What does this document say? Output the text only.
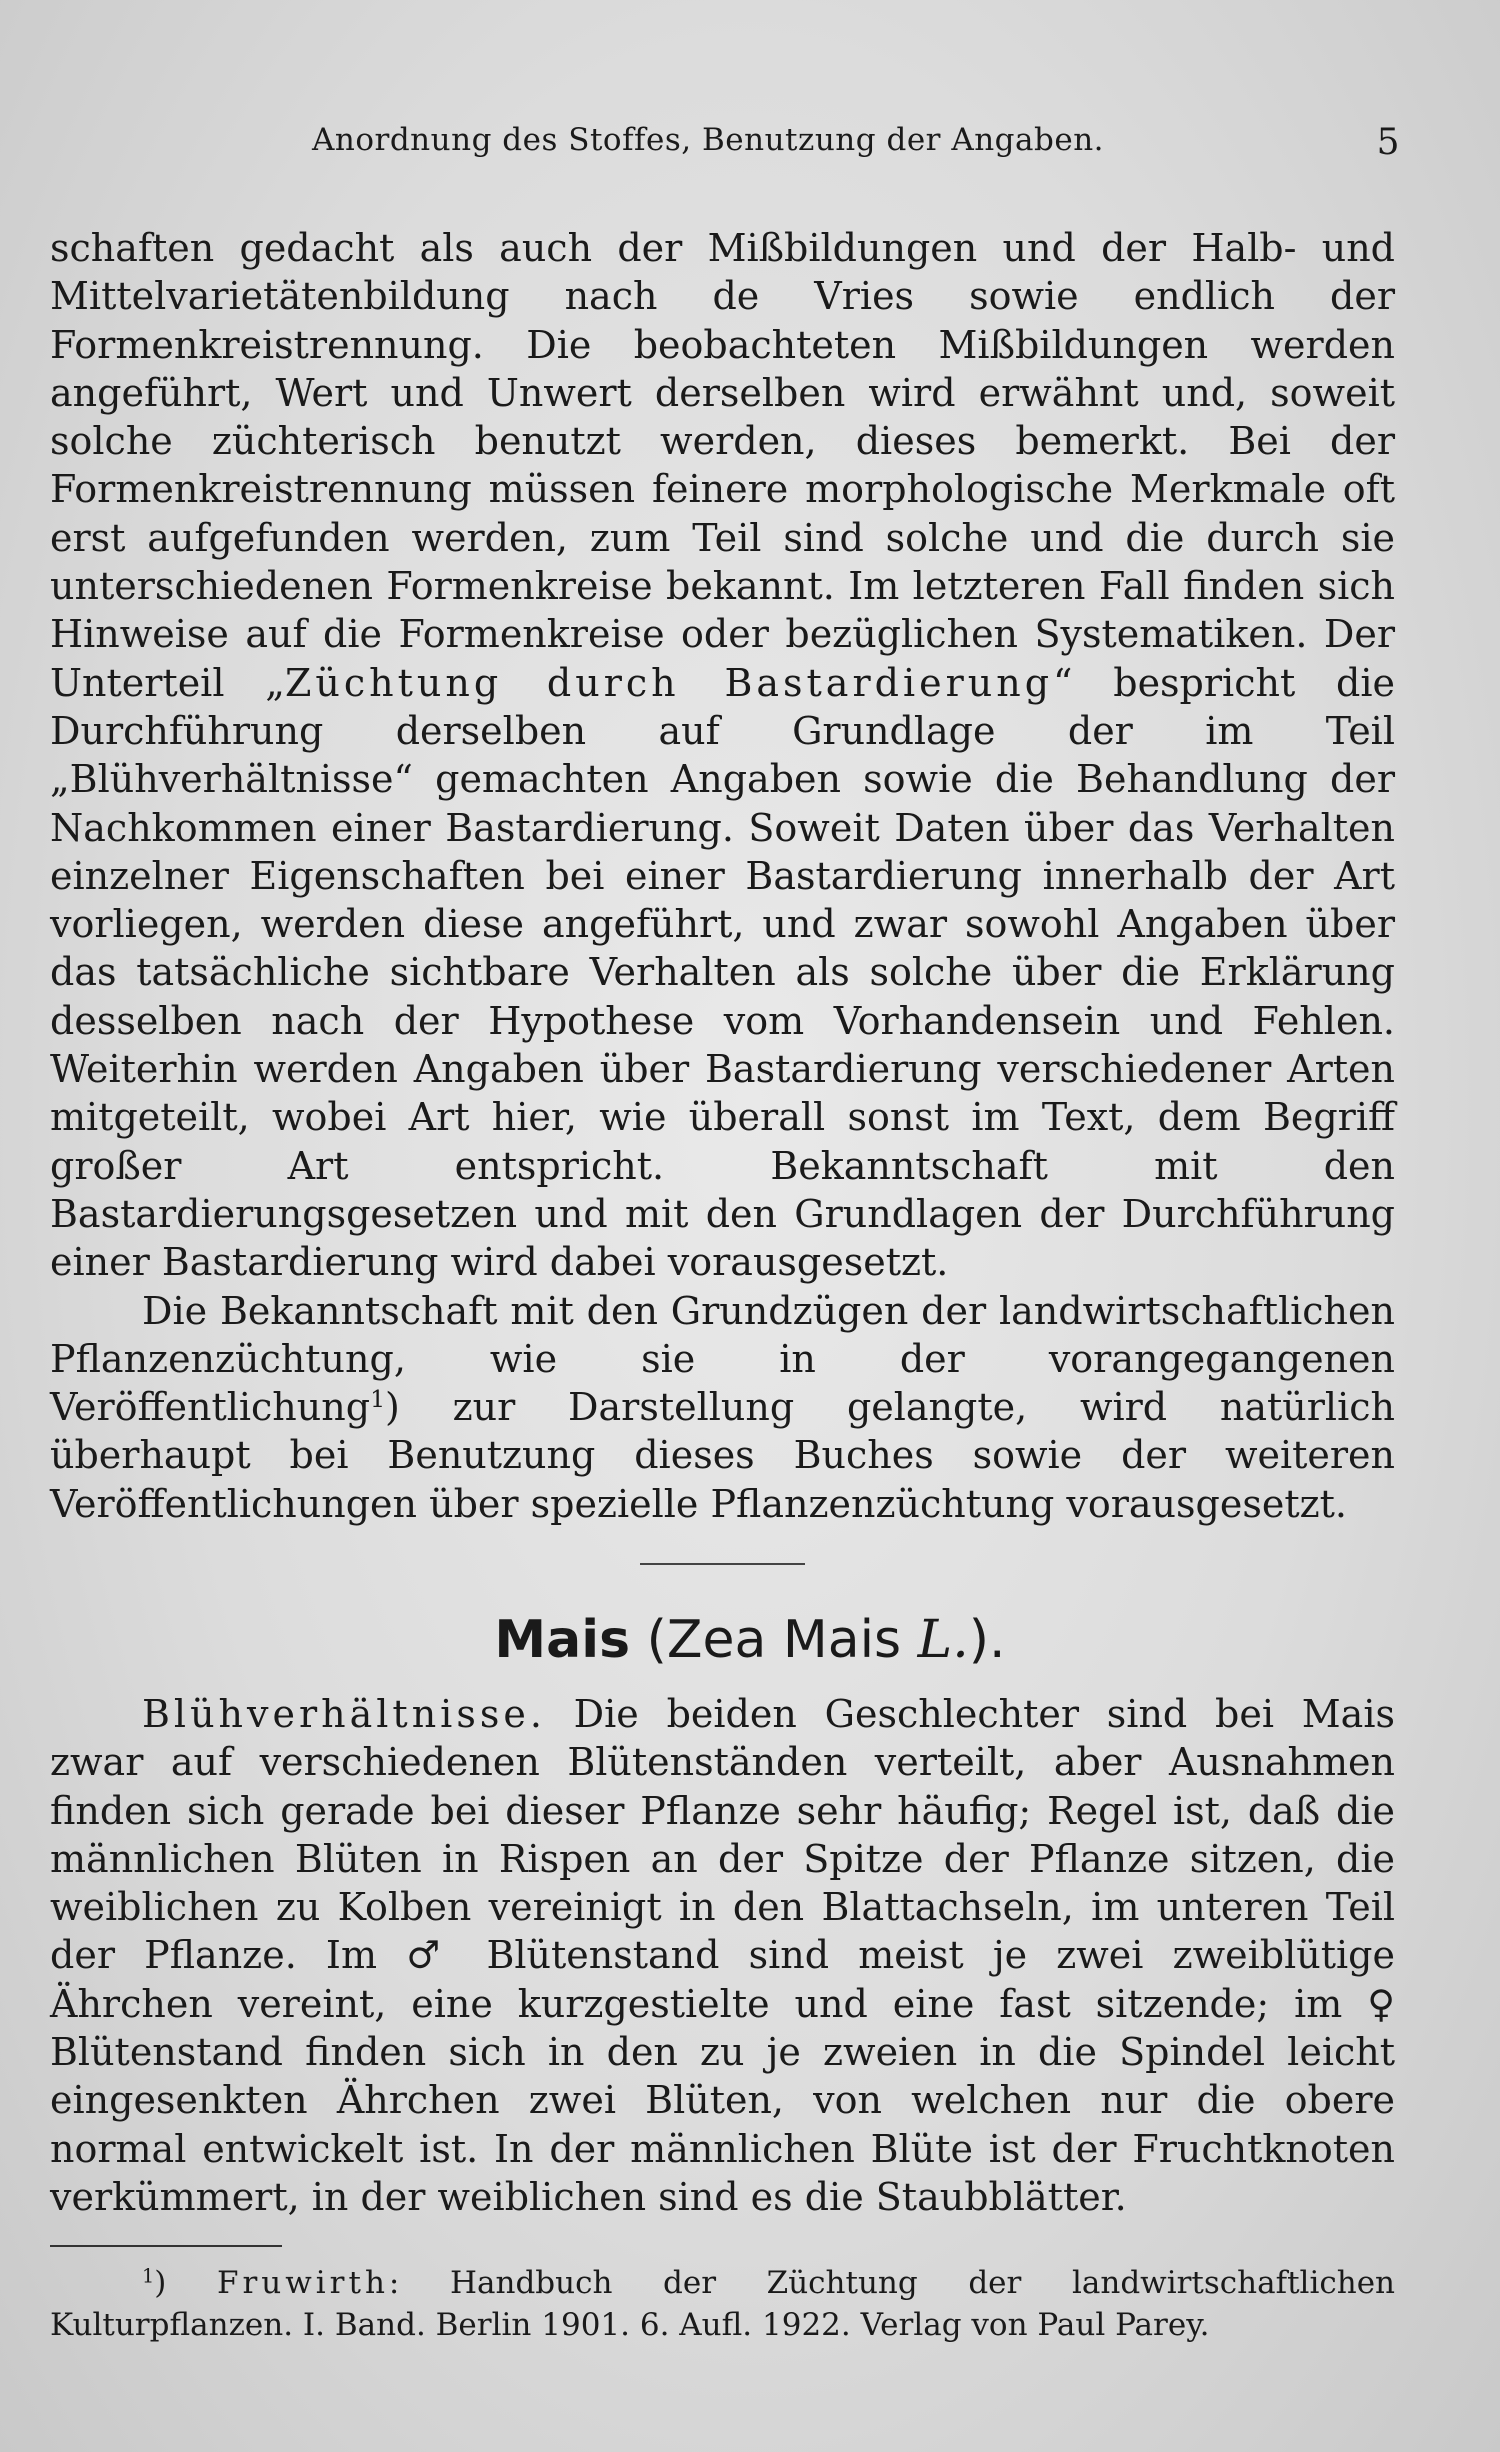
Anordnung des Stoffes, Benutzung der Angaben.	5

schaften gedacht als auch der Mißbildungen und der Halb- und Mittelvarietätenbildung nach de Vries sowie endlich der Formenkreistrennung. Die beobachteten Mißbildungen werden angeführt, Wert und Unwert derselben wird erwähnt und, soweit solche züchterisch benutzt werden, dieses bemerkt. Bei der Formenkreistrennung müssen feinere morphologische Merkmale oft erst aufgefunden werden, zum Teil sind solche und die durch sie unterschiedenen Formenkreise bekannt. Im letzteren Fall finden sich Hinweise auf die Formenkreise oder bezüglichen Systematiken. Der Unterteil „Züchtung durch Bastardierung“ bespricht die Durchführung derselben auf Grundlage der im Teil „Blühverhältnisse“ gemachten Angaben sowie die Behandlung der Nachkommen einer Bastardierung. Soweit Daten über das Verhalten einzelner Eigenschaften bei einer Bastardierung innerhalb der Art vorliegen, werden diese angeführt, und zwar sowohl Angaben über das tatsächliche sichtbare Verhalten als solche über die Erklärung desselben nach der Hypothese vom Vorhandensein und Fehlen. Weiterhin werden Angaben über Bastardierung verschiedener Arten mitgeteilt, wobei Art hier, wie überall sonst im Text, dem Begriff großer Art entspricht. Bekanntschaft mit den Bastardierungsgesetzen und mit den Grundlagen der Durchführung einer Bastardierung wird dabei vorausgesetzt.

Die Bekanntschaft mit den Grundzügen der landwirtschaftlichen Pflanzenzüchtung, wie sie in der vorangegangenen Veröffentlichung$^1$) zur Darstellung gelangte, wird natürlich überhaupt bei Benutzung dieses Buches sowie der weiteren Veröffentlichungen über spezielle Pflanzenzüchtung vorausgesetzt.

Mais (Zea Mais L.).

Blühverhältnisse. Die beiden Geschlechter sind bei Mais zwar auf verschiedenen Blütenständen verteilt, aber Ausnahmen finden sich gerade bei dieser Pflanze sehr häufig; Regel ist, daß die männlichen Blüten in Rispen an der Spitze der Pflanze sitzen, die weiblichen zu Kolben vereinigt in den Blattachseln, im unteren Teil der Pflanze. Im ♂ Blütenstand sind meist je zwei zweiblütige Ährchen vereint, eine kurzgestielte und eine fast sitzende; im ♀ Blütenstand finden sich in den zu je zweien in die Spindel leicht eingesenkten Ährchen zwei Blüten, von welchen nur die obere normal entwickelt ist. In der männlichen Blüte ist der Fruchtknoten verkümmert, in der weiblichen sind es die Staubblätter.

$^1$) Fruwirth: Handbuch der Züchtung der landwirtschaftlichen Kulturpflanzen. I. Band. Berlin 1901. 6. Aufl. 1922. Verlag von Paul Parey.
